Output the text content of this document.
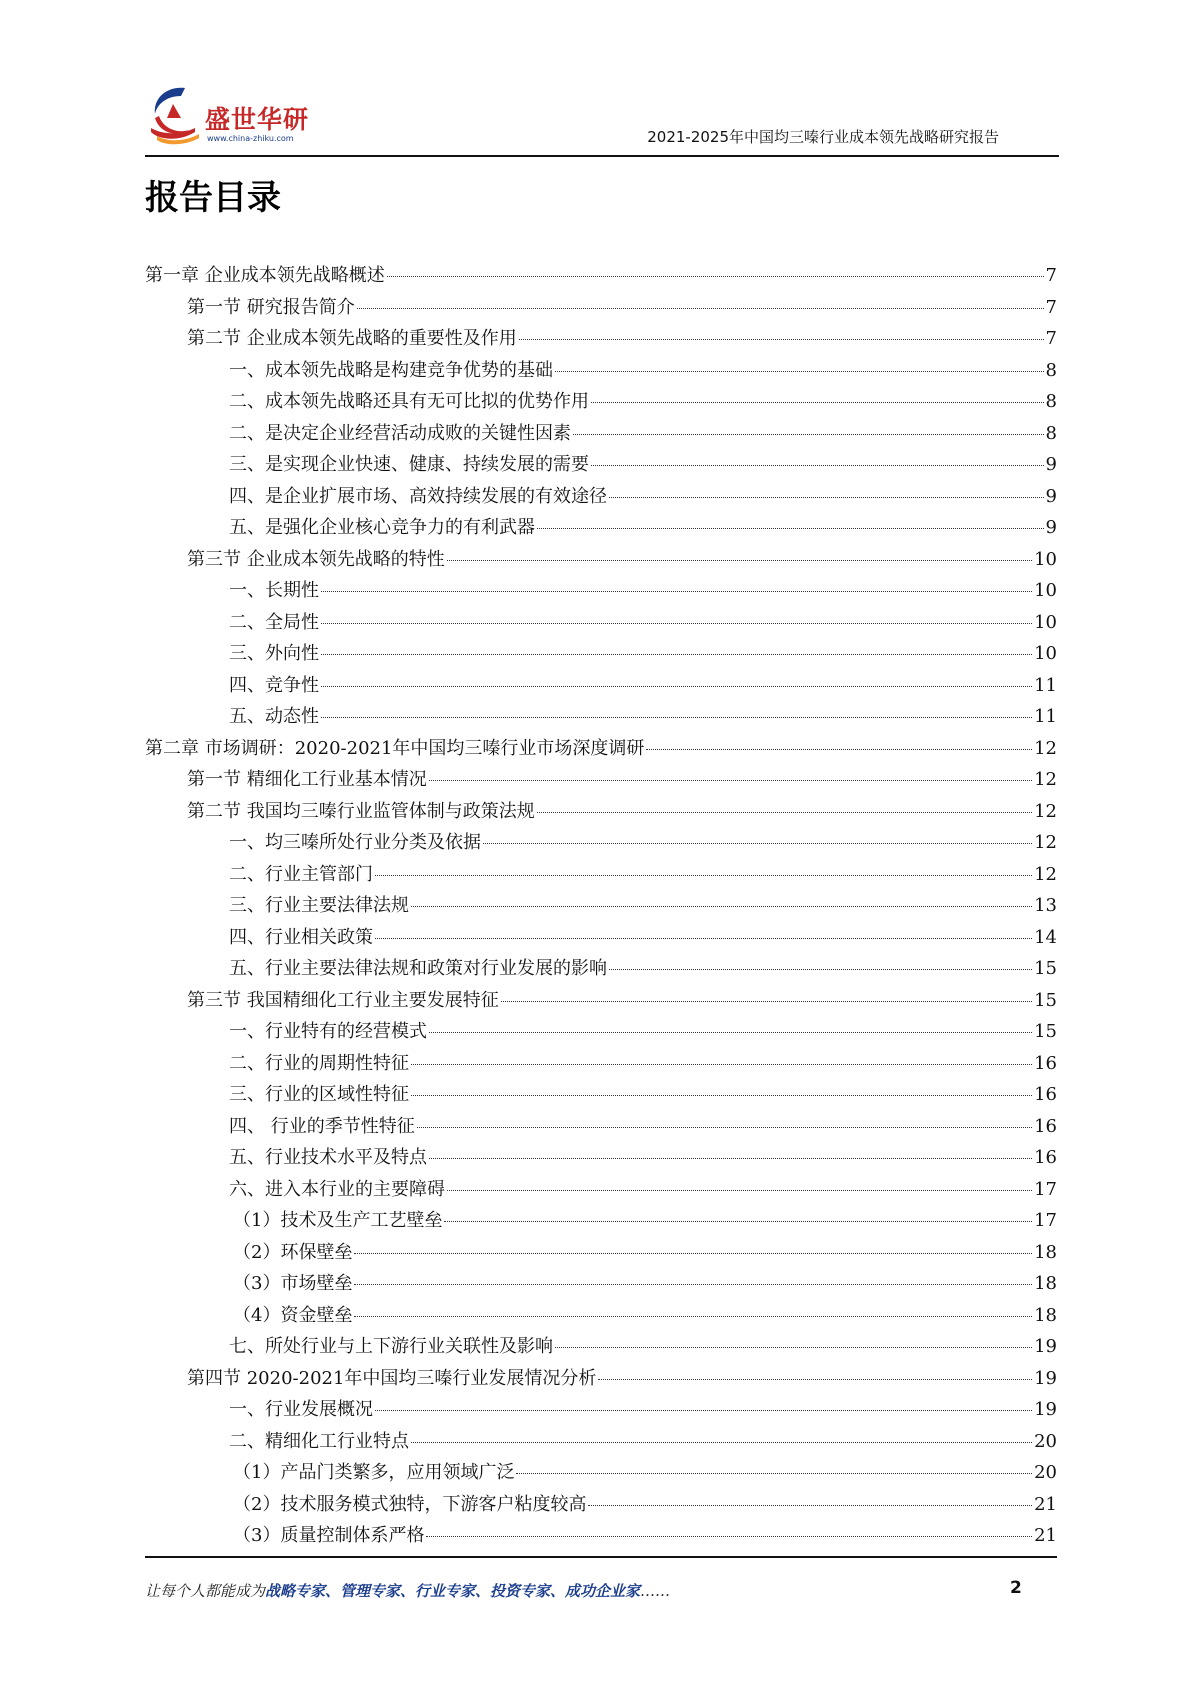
盛世华研
www.china-zhiku.com	2021-2025年中国均三嗪行业成本领先战略研究报告
报告目录
第一章 企业成本领先战略概述	7
第一节 研究报告简介	7
第二节 企业成本领先战略的重要性及作用	7
一、成本领先战略是构建竞争优势的基础	8
二、成本领先战略还具有无可比拟的优势作用	8
二、是决定企业经营活动成败的关键性因素	8
三、是实现企业快速、健康、持续发展的需要	9
四、是企业扩展市场、高效持续发展的有效途径	9
五、是强化企业核心竞争力的有利武器	9
第三节 企业成本领先战略的特性	10
一、长期性	10
二、全局性	10
三、外向性	10
四、竞争性	11
五、动态性	11
第二章 市场调研：2020-2021年中国均三嗪行业市场深度调研	12
第一节 精细化工行业基本情况	12
第二节 我国均三嗪行业监管体制与政策法规	12
一、均三嗪所处行业分类及依据	12
二、行业主管部门	12
三、行业主要法律法规	13
四、行业相关政策	14
五、行业主要法律法规和政策对行业发展的影响	15
第三节 我国精细化工行业主要发展特征	15
一、行业特有的经营模式	15
二、行业的周期性特征	16
三、行业的区域性特征	16
四、 行业的季节性特征	16
五、行业技术水平及特点	16
六、进入本行业的主要障碍	17
（1）技术及生产工艺壁垒	17
（2）环保壁垒	18
（3）市场壁垒	18
（4）资金壁垒	18
七、所处行业与上下游行业关联性及影响	19
第四节 2020-2021年中国均三嗪行业发展情况分析	19
一、行业发展概况	19
二、精细化工行业特点	20
（1）产品门类繁多，应用领域广泛	20
（2）技术服务模式独特，下游客户粘度较高	21
（3）质量控制体系严格	21
让每个人都能成为战略专家、管理专家、行业专家、投资专家、成功企业家……	2
